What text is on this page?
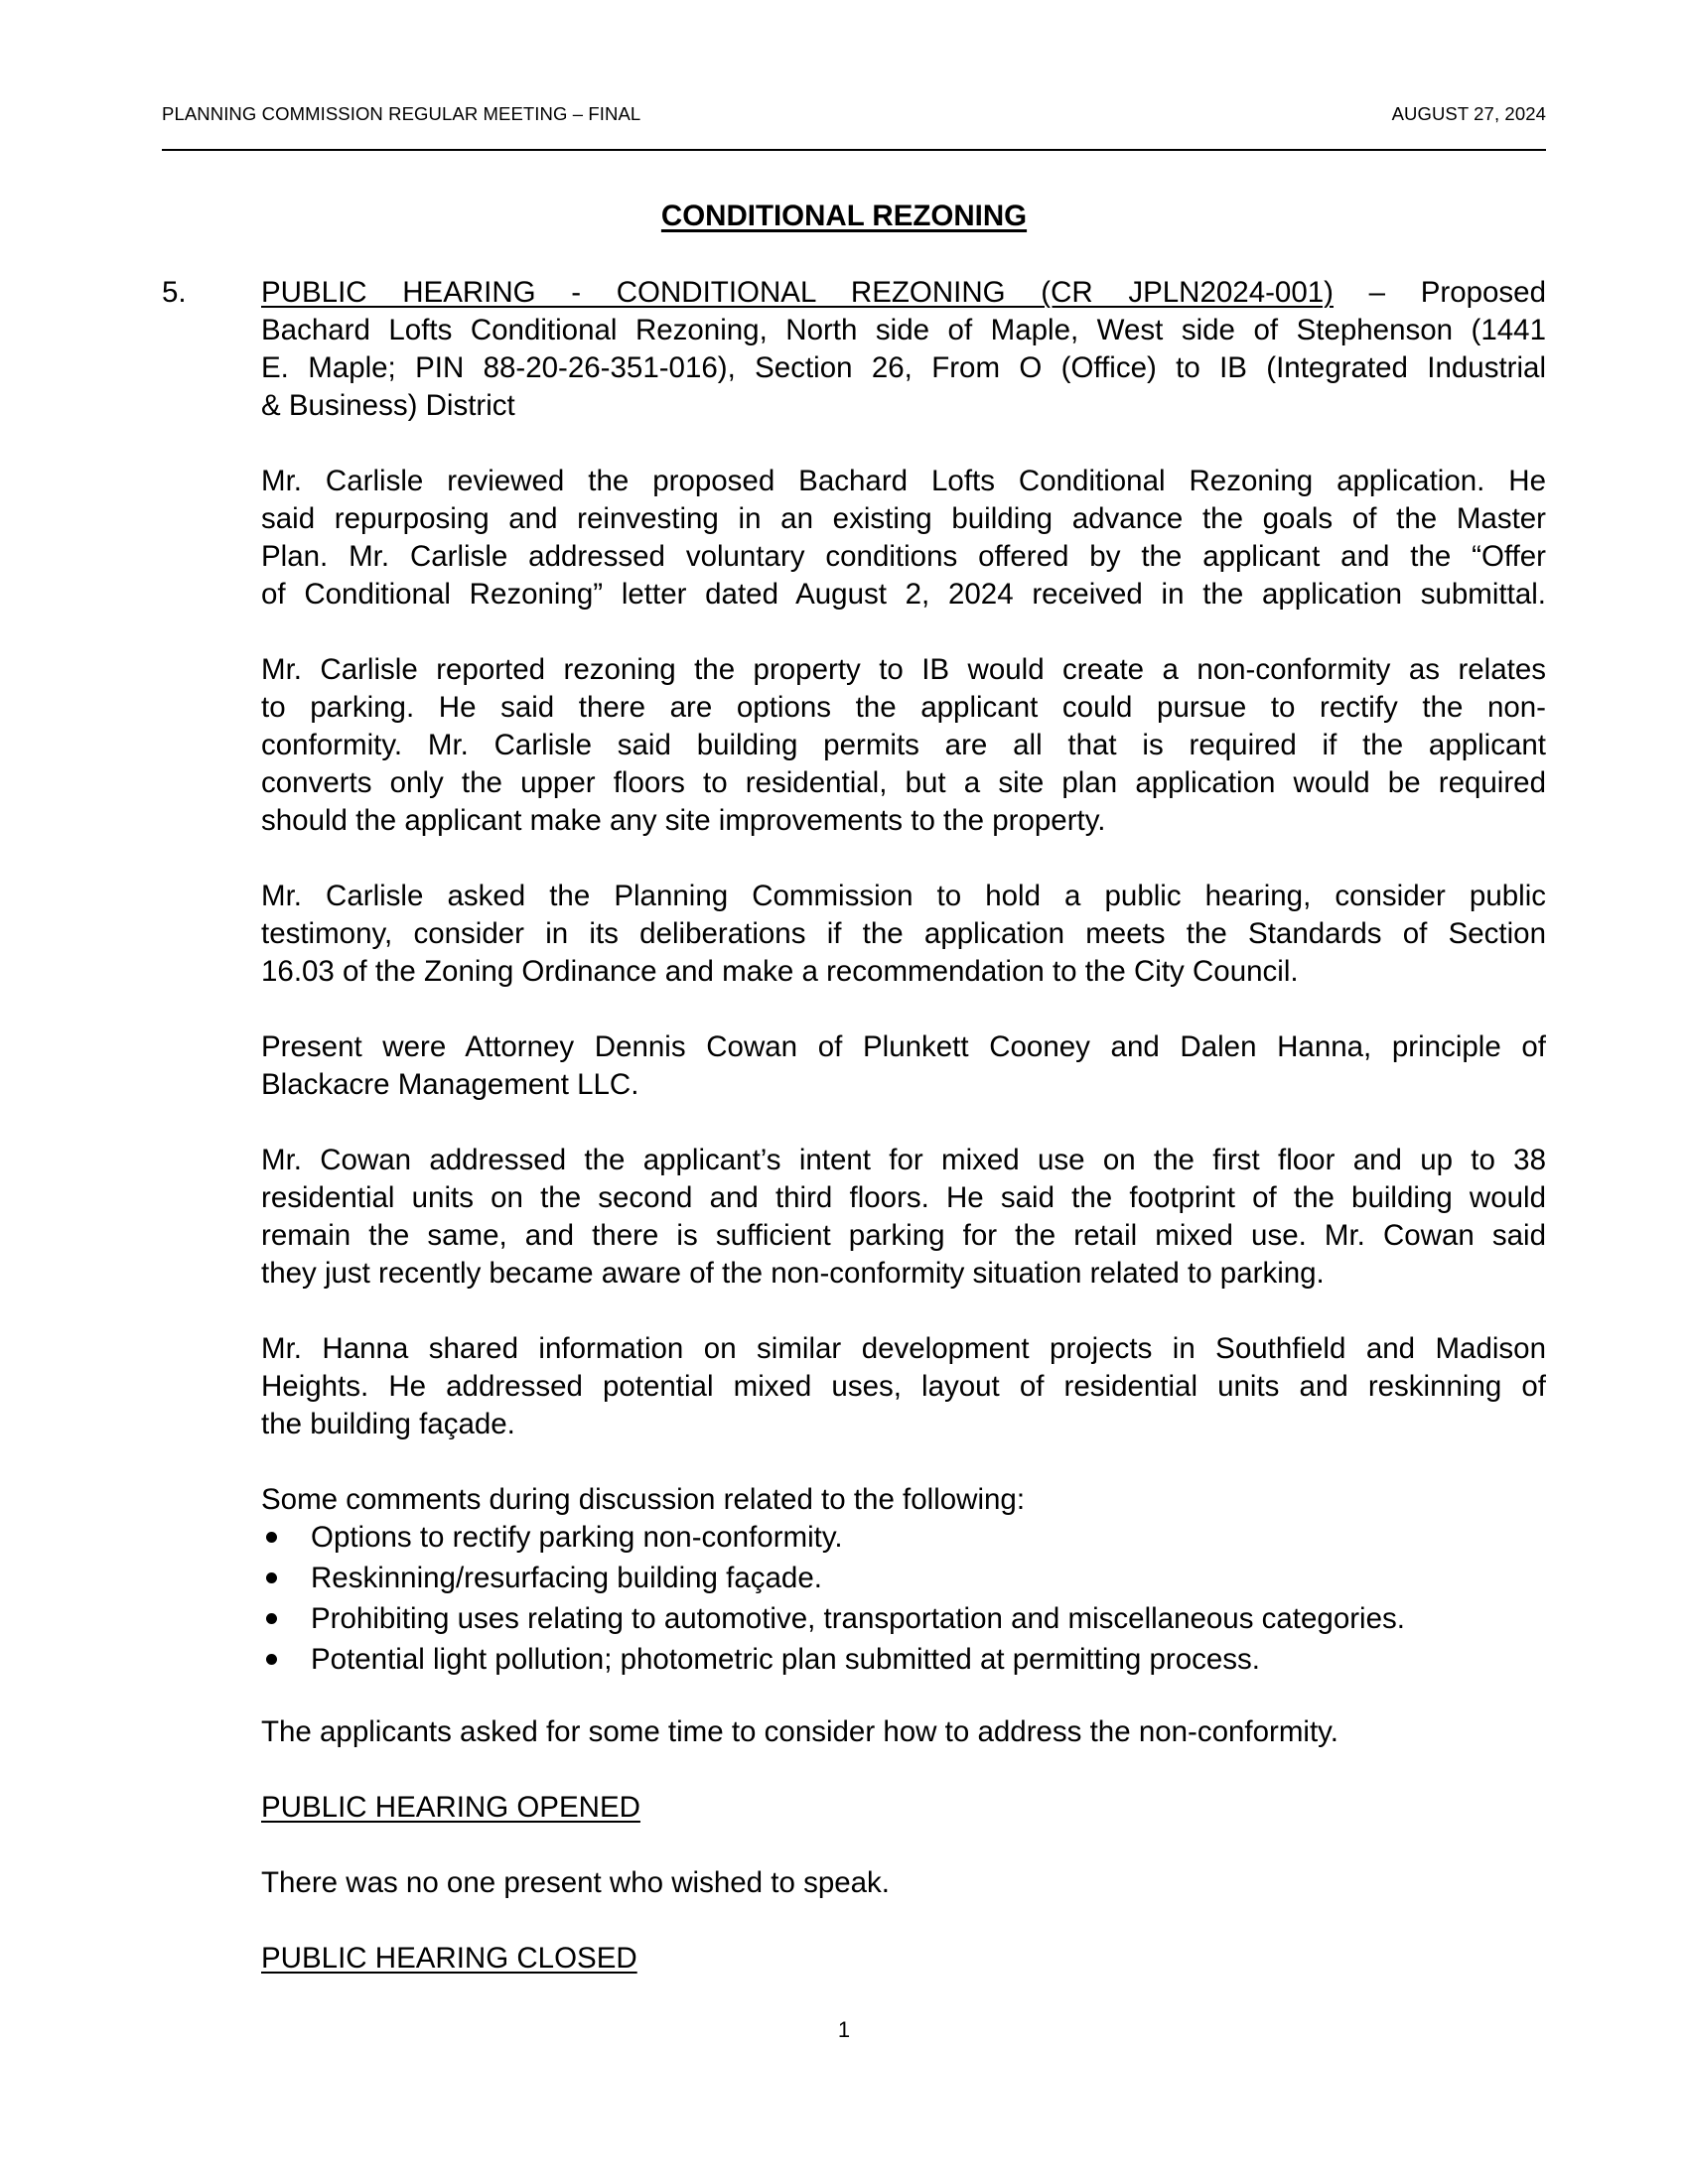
PLANNING COMMISSION REGULAR MEETING – FINAL	AUGUST 27, 2024
CONDITIONAL REZONING
5.	PUBLIC HEARING - CONDITIONAL REZONING (CR JPLN2024-001) – Proposed
Bachard Lofts Conditional Rezoning, North side of Maple, West side of Stephenson (1441
E. Maple; PIN 88-20-26-351-016), Section 26, From O (Office) to IB (Integrated Industrial
& Business) District
Mr. Carlisle reviewed the proposed Bachard Lofts Conditional Rezoning application. He
said repurposing and reinvesting in an existing building advance the goals of the Master
Plan. Mr. Carlisle addressed voluntary conditions offered by the applicant and the “Offer
of Conditional Rezoning” letter dated August 2, 2024 received in the application submittal.
Mr. Carlisle reported rezoning the property to IB would create a non-conformity as relates
to parking. He said there are options the applicant could pursue to rectify the non-
conformity. Mr. Carlisle said building permits are all that is required if the applicant
converts only the upper floors to residential, but a site plan application would be required
should the applicant make any site improvements to the property.
Mr. Carlisle asked the Planning Commission to hold a public hearing, consider public
testimony, consider in its deliberations if the application meets the Standards of Section
16.03 of the Zoning Ordinance and make a recommendation to the City Council.
Present were Attorney Dennis Cowan of Plunkett Cooney and Dalen Hanna, principle of
Blackacre Management LLC.
Mr. Cowan addressed the applicant’s intent for mixed use on the first floor and up to 38
residential units on the second and third floors. He said the footprint of the building would
remain the same, and there is sufficient parking for the retail mixed use. Mr. Cowan said
they just recently became aware of the non-conformity situation related to parking.
Mr. Hanna shared information on similar development projects in Southfield and Madison
Heights. He addressed potential mixed uses, layout of residential units and reskinning of
the building façade.
Some comments during discussion related to the following:
Options to rectify parking non-conformity.
Reskinning/resurfacing building façade.
Prohibiting uses relating to automotive, transportation and miscellaneous categories.
Potential light pollution; photometric plan submitted at permitting process.
The applicants asked for some time to consider how to address the non-conformity.
PUBLIC HEARING OPENED
There was no one present who wished to speak.
PUBLIC HEARING CLOSED
1
